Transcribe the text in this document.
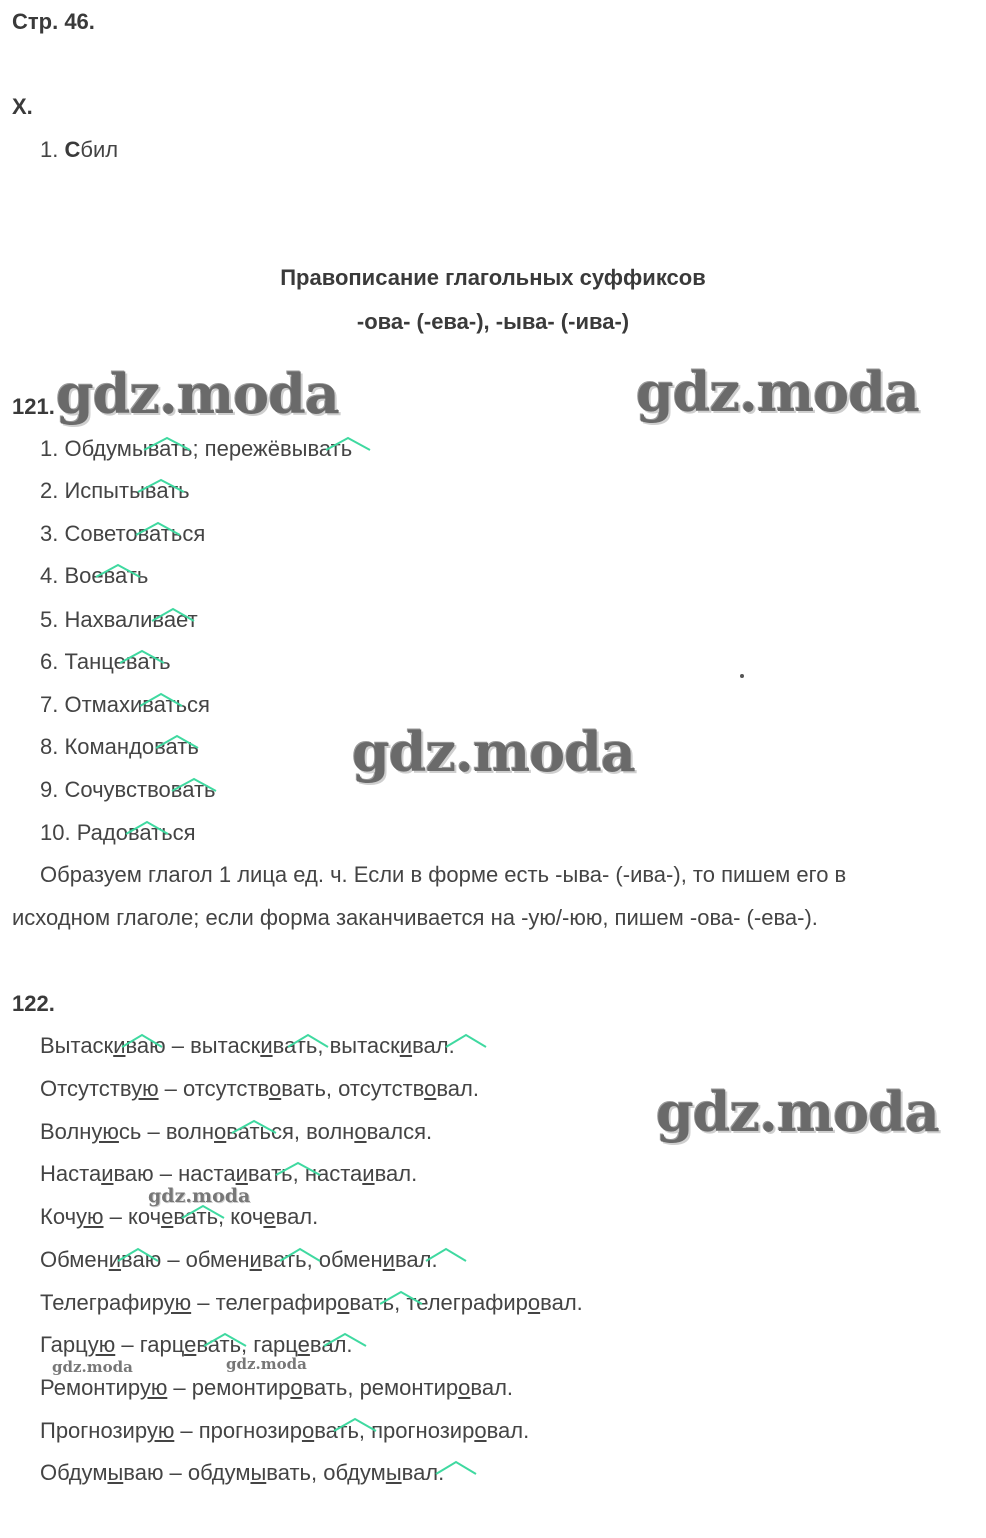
Стр. 46.
X.
1. Сбил
Правописание глагольных суффиксов
-ова- (-ева-), -ыва- (-ива-)
121.
1. Обдумывать; пережёвывать
2. Испытывать
3. Советоваться
4. Воевать
5. Нахваливает
6. Танцевать
7. Отмахиваться
8. Командовать
9. Сочувствовать
10. Радоваться
Образуем глагол 1 лица ед. ч. Если в форме есть -ыва- (-ива-), то пишем его в
исходном глаголе; если форма заканчивается на -ую/-юю, пишем -ова- (-ева-).
122.
Вытаскиваю – вытаскивать, вытаскивал.
Отсутствую – отсутствовать, отсутствовал.
Волнуюсь – волноваться, волновался.
Настаиваю – настаивать, настаивал.
Кочую – кочевать, кочевал.
Обмениваю – обменивать, обменивал.
Телеграфирую – телеграфировать, телеграфировал.
Гарцую – гарцевать, гарцевал.
Ремонтирую – ремонтировать, ремонтировал.
Прогнозирую – прогнозировать, прогнозировал.
Обдумываю – обдумывать, обдумывал.
gdz.moda	gdz.moda
gdz.moda
gdz.moda
gdz.moda
gdz.moda	gdz.moda
